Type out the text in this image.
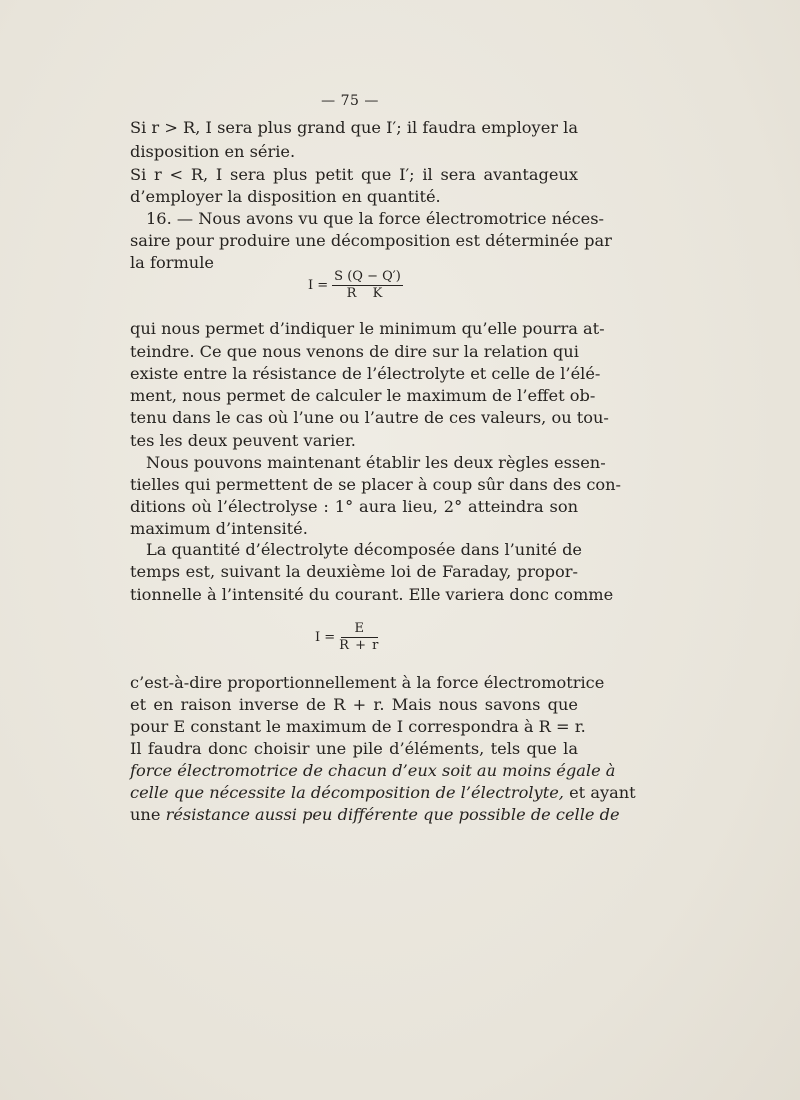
— 75 —
Si r > R, I sera plus grand que I′; il faudra employer la
disposition en série.
Si r < R, I sera plus petit que I′; il sera avantageux
d’employer la disposition en quantité.
16. — Nous avons vu que la force électromotrice néces-
saire pour produire une décomposition est déterminée par
la formule
$I = \frac{S (Q - Q')}{\text{R K}}$
qui nous permet d’indiquer le minimum qu’elle pourra at-
teindre. Ce que nous venons de dire sur la relation qui
existe entre la résistance de l’électrolyte et celle de l’élé-
ment, nous permet de calculer le maximum de l’effet ob-
tenu dans le cas où l’une ou l’autre de ces valeurs, ou tou-
tes les deux peuvent varier.
Nous pouvons maintenant établir les deux règles essen-
tielles qui permettent de se placer à coup sûr dans des con-
ditions où l’électrolyse : 1° aura lieu, 2° atteindra son
maximum d’intensité.
La quantité d’électrolyte décomposée dans l’unité de
temps est, suivant la deuxième loi de Faraday, propor-
tionnelle à l’intensité du courant. Elle variera donc comme
$I = \frac{E}{R + r}$
c’est-à-dire proportionnellement à la force électromotrice
et en raison inverse de R + r. Mais nous savons que
pour E constant le maximum de I correspondra à R = r.
Il faudra donc choisir une pile d’éléments, tels que la
force électromotrice de chacun d’eux soit au moins égale à
celle que nécessite la décomposition de l’électrolyte, et ayant
une résistance aussi peu différente que possible de celle de
